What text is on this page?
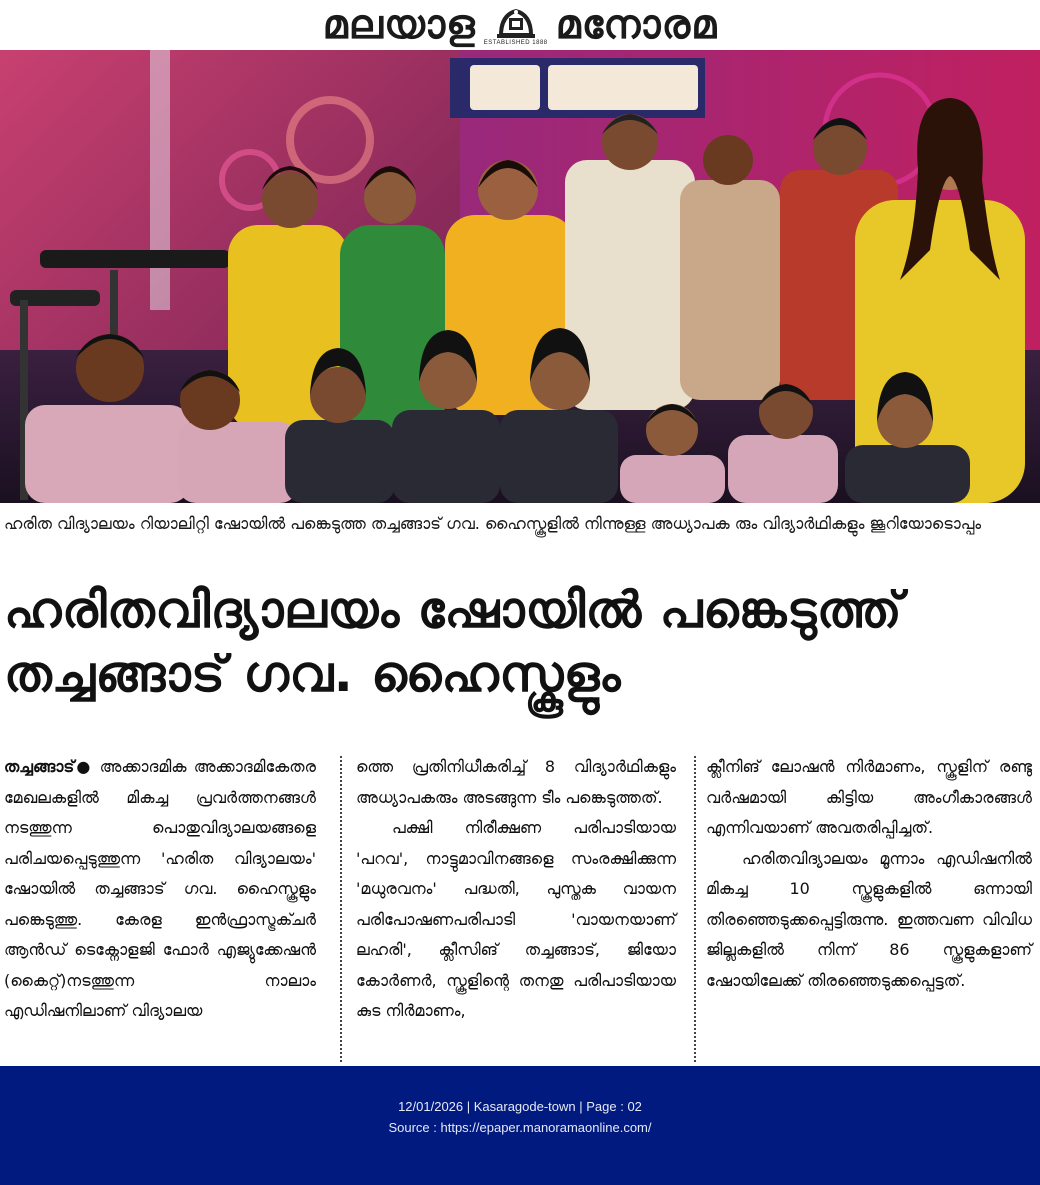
മലയാള ESTABLISHED 1888 മനോരമ

ഹരിത വിദ്യാലയം റിയാലിറ്റി ഷോയിൽ പങ്കെടുത്ത തച്ചങ്ങാട് ഗവ. ഹൈസ്കൂളിൽ നിന്നുള്ള അധ്യാപക രും വിദ്യാർഥികളും ജൂറിയോടൊപ്പം

ഹരിതവിദ്യാലയം ഷോയിൽ പങ്കെടുത്ത്
തച്ചങ്ങാട് ഗവ. ഹൈസ്കൂളും

തച്ചങ്ങാട്● അക്കാദമിക അക്കാദമികേതര മേഖലകളിൽ മികച്ച പ്രവർത്തനങ്ങൾ നടത്തുന്ന പൊതുവിദ്യാലയങ്ങളെ പരിചയപ്പെടുത്തുന്ന 'ഹരിത വിദ്യാലയം' ഷോയിൽ തച്ചങ്ങാട് ഗവ. ഹൈസ്കൂളും പങ്കെടുത്തു. കേരള ഇൻഫ്രാസ്ട്രക്ചർ ആൻഡ് ടെക്നോളജി ഫോർ എജ്യുക്കേഷൻ (കൈറ്റ്)നടത്തുന്ന നാലാം എഡിഷനിലാണ് വിദ്യാലയ

ത്തെ പ്രതിനിധീകരിച്ച് 8 വിദ്യാർഥികളും അധ്യാപകരും അടങ്ങുന്ന ടീം പങ്കെടുത്തത്.

പക്ഷി നിരീക്ഷണ പരിപാടിയായ 'പറവ', നാട്ടുമാവിനങ്ങളെ സംരക്ഷിക്കുന്ന 'മധുരവനം' പദ്ധതി, പുസ്തക വായന പരിപോഷണപരിപാടി 'വായനയാണ് ലഹരി', ക്ലീസിങ് തച്ചങ്ങാട്, ജിയോ കോർണർ, സ്കൂളിന്റെ തനതു പരിപാടിയായ കുട നിർമാണം,

ക്ലീനിങ് ലോഷൻ നിർമാണം, സ്കൂളിന് രണ്ടു വർഷമായി കിട്ടിയ അംഗീകാരങ്ങൾ എന്നിവയാണ് അവതരിപ്പിച്ചത്.

ഹരിതവിദ്യാലയം മൂന്നാം എഡിഷനിൽ മികച്ച 10 സ്കൂളുകളിൽ ഒന്നായി തിരഞ്ഞെടുക്കപ്പെട്ടിരുന്നു. ഇത്തവണ വിവിധ ജില്ലകളിൽ നിന്ന് 86 സ്കൂളുകളാണ് ഷോയിലേക്ക് തിരഞ്ഞെടുക്കപ്പെട്ടത്.

12/01/2026 | Kasaragode-town | Page : 02
Source : https://epaper.manoramaonline.com/
